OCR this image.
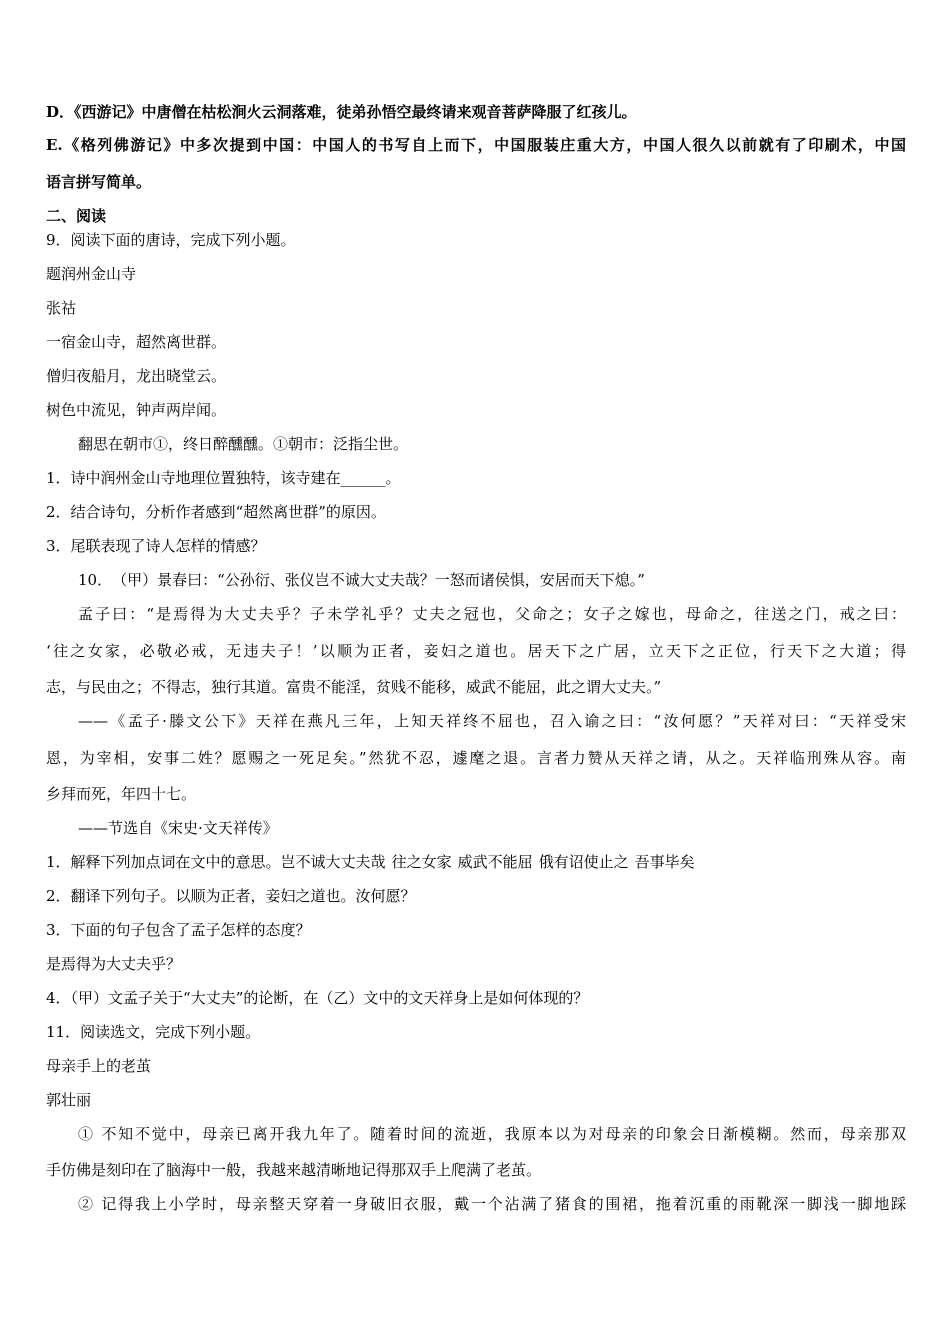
D．《西游记》中唐僧在枯松涧火云洞落难，徒弟孙悟空最终请来观音菩萨降服了红孩儿。
E.《格列佛游记》中多次提到中国：中国人的书写自上而下，中国服装庄重大方，中国人很久以前就有了印刷术，中国
语言拼写简单。
二、阅读
9．阅读下面的唐诗，完成下列小题。
题润州金山寺
张祜
一宿金山寺，超然离世群。
僧归夜船月，龙出晓堂云。
树色中流见，钟声两岸闻。
翻思在朝市①，终日醉醺醺。①朝市：泛指尘世。
1．诗中润州金山寺地理位置独特，该寺建在______。
2．结合诗句，分析作者感到“超然离世群”的原因。
3．尾联表现了诗人怎样的情感？
10．　（甲）景春曰：“公孙衍、张仪岂不诚大丈夫哉？一怒而诸侯惧，安居而天下熄。”
孟子曰：“是焉得为大丈夫乎？子未学礼乎？丈夫之冠也，父命之；女子之嫁也，母命之，往送之门，戒之曰：
‘往之女家，必敬必戒，无违夫子！’以顺为正者，妾妇之道也。居天下之广居，立天下之正位，行天下之大道；得
志，与民由之；不得志，独行其道。富贵不能淫，贫贱不能移，威武不能屈，此之谓大丈夫。”
——《孟子·滕文公下》天祥在燕凡三年，上知天祥终不屈也，召入谕之曰：“汝何愿？”天祥对曰：“天祥受宋
恩，为宰相，安事二姓？愿赐之一死足矣。”然犹不忍，遽麾之退。言者力赞从天祥之请，从之。天祥临刑殊从容。南
乡拜而死，年四十七。
——节选自《宋史·文天祥传》
1．解释下列加点词在文中的意思。岂不诚大丈夫哉 往之女家 威武不能屈 俄有诏使止之 吾事毕矣
2．翻译下列句子。以顺为正者，妾妇之道也。汝何愿？
3．下面的句子包含了孟子怎样的态度？
是焉得为大丈夫乎？
4．（甲）文孟子关于“大丈夫”的论断，在（乙）文中的文天祥身上是如何体现的？
11．阅读选文，完成下列小题。
母亲手上的老茧
郭壮丽
① 不知不觉中，母亲已离开我九年了。随着时间的流逝，我原本以为对母亲的印象会日渐模糊。然而，母亲那双
手仿佛是刻印在了脑海中一般，我越来越清晰地记得那双手上爬满了老茧。
② 记得我上小学时，母亲整天穿着一身破旧衣服，戴一个沾满了猪食的围裙，拖着沉重的雨靴深一脚浅一脚地踩
